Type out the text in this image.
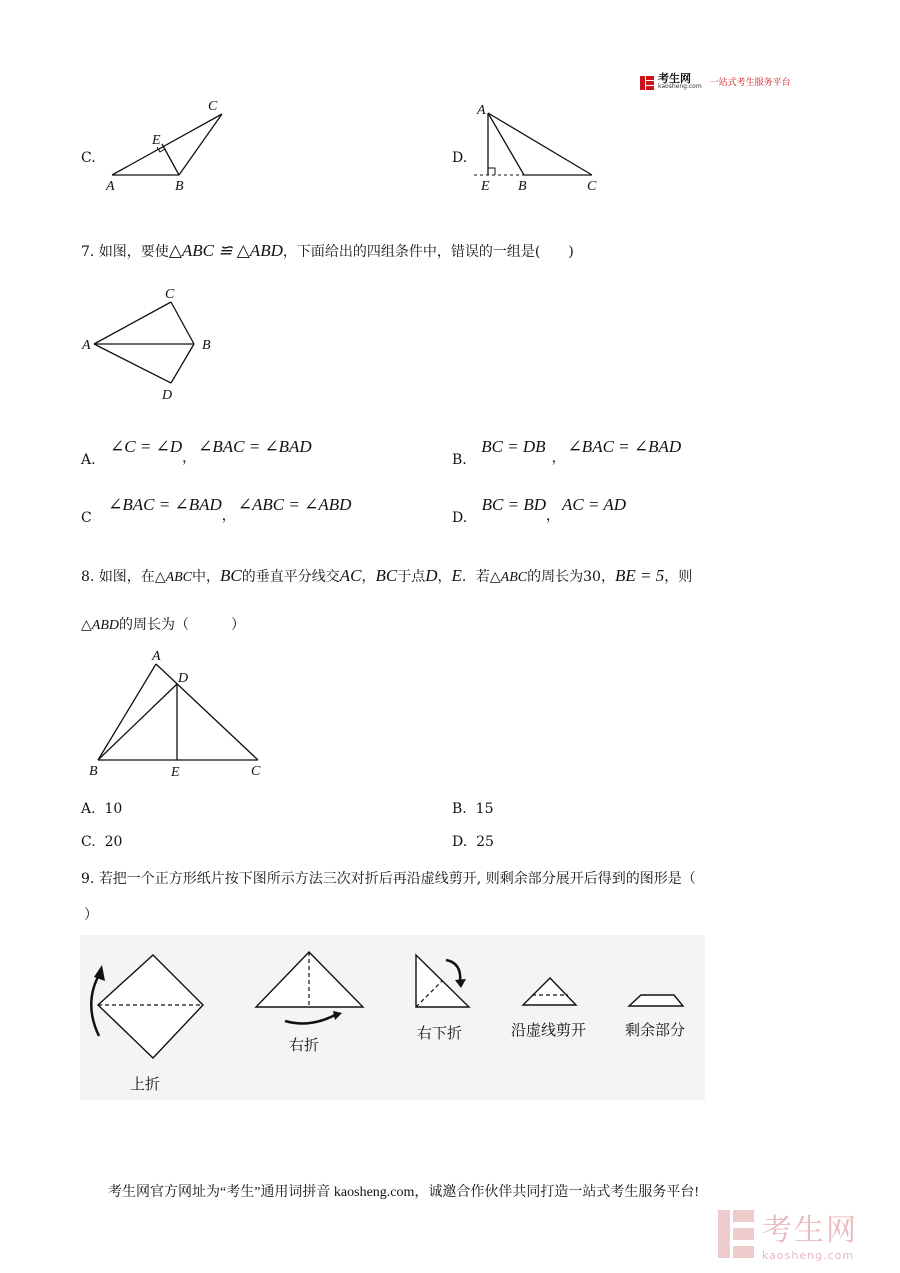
考生网
kaosheng.com 一站式考生服务平台
C.
A	B
C
E
D.
A
E B	C
7. 如图，要使△ABC ≌ △ABD，下面给出的四组条件中，错误的一组是(　　)
A	B
C
D
A. ∠C = ∠D，∠BAC = ∠BAD
B. BC = DB，∠BAC = ∠BAD
C ∠BAC = ∠BAD，∠ABC = ∠ABD
D. BC = BD，AC = AD
8. 如图，在△ABC中，BC的垂直平分线交AC，BC于点D，E．若△ABC的周长为30，BE = 5，则
△ABD的周长为（　　　）
A
D
B	E	C
A. 10	B. 15
C. 20	D. 25
9. 若把一个正方形纸片按下图所示方法三次对折后再沿虚线剪开, 则剩余部分展开后得到的图形是（
）
上折
右折
右下折	沿虚线剪开	剩余部分
考生网官方网址为“考生”通用词拼音 kaosheng.com，诚邀合作伙伴共同打造一站式考生服务平台!
考生网
kaosheng.com
